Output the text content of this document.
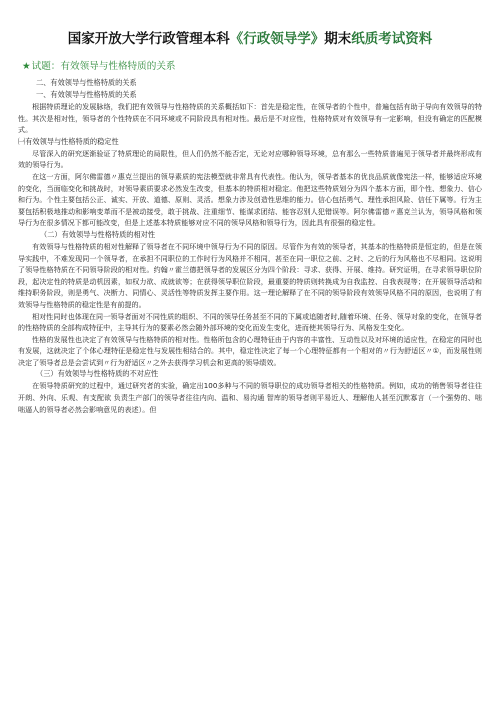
国家开放大学行政管理本科《行政领导学》期末纸质考试资料
★试题：有效领导与性格特质的关系
二、有效领导与性格特质的关系
一、有效领导与性格特质的关系

根据特质理论的发展脉络，我们把有效领导与性格特质的关系概括如下：首先是稳定性，在领导者的个性中，普遍包括有助于导向有效领导的特性。其次是相对性，领导者的个性特质在不同环境或不同阶段具有相对性。最后是不对应性，性格特质对有效领导有一定影响，但没有确定的匹配模式。

㈠有效领导与性格特质的稳定性

尽管深入的研究逐渐验证了特质理论的局限性，但人们仍然不能否定，无论对应哪种领导环境，总有那么一些特质普遍见于领导者并最终形成有效的领导行为。

在这一方面，阿尔佛雷德〃惠克兰提出的领导素质的宪法模型就非常具有代表性。他认为，领导者基本的优良品质就像宪法一样，能够适应环境的变化，当面临变化和挑战时，对领导素质要求必然发生改变，但基本的特质相对稳定。他把这些特质划分为四个基本方面，即个性、想象力、信心和行为。个性主要包括公正、诚实、开放、道德、原则、灵活。想象力涉及创造性思维的能力。信心包括勇气、理性承担风险、信任下属等。行为主要包括积极地推动和影响变革而不是被动接受，敢于挑战、注重细节、能谋求团结、能容忍别人犯错误等。阿尔佛雷德〃惠克兰认为，领导风格和领导行为在很多情况下都可能改变，但是上述基本特质能够对应不同的领导风格和领导行为，因此具有很强的稳定性。

（二）有效领导与性格特质的相对性

有效领导与性格特质的相对性解释了领导者在不同环境中领导行为不同的原因。尽管作为有效的领导者，其基本的性格特质是恒定的，但是在领导实践中，不难发现同一个领导者，在承担不同职位的工作时行为风格并不相同，甚至在同一职位之前、之时、之后的行为风格也不尽相同。这说明了领导性格特质在不同领导阶段的相对性。约翰〃霍兰德把领导者的发展区分为四个阶段：寻求、获得、开展、维持。研究证明，在寻求领导职位阶段，起决定性的特质是动机因素，如权力欲、成就欲等；在获得领导职位阶段，最重要的特质则转换成为自我监控、自我表现等；在开展领导活动和维持职务阶段，则是勇气、决断力、同情心、灵活性等特质发挥主要作用。这一理论解释了在不同的领导阶段有效领导风格不同的原因，也说明了有效领导与性格特质的稳定性是有前提的。

相对性同时也体现在同一领导者面对不同性质的组织、不同的领导任务甚至不同的下属或追随者时,随着环境、任务、领导对象的变化，在领导者的性格特质的全部构成特征中，主导其行为的要素必然会随外部环境的变化而发生变化，进而使其领导行为、风格发生变化。

性格的发展性也决定了有效领导与性格特质的相对性。性格所包含的心理特征由于内容的丰富性、互动性以及对环境的适应性，在稳定的同时也有发展，这就决定了个体心理特征是稳定性与发展性相结合的。其中，稳定性决定了每一个心理特征都有一个相对的〃行为舒适区〃①，而发展性则决定了领导者总是会尝试到〃行为舒适区〃之外去获得学习机会和更高的领导绩效。

（三）有效领导与性格特质的不对应性

在领导特质研究的过程中，通过研究者的实验，确定出100多种与不同的领导职位的成功领导者相关的性格特质。例如，成功的销售领导者往往开朗、外向、乐观、有支配欲 负责生产部门的领导者往往内向、温和、易沟通 智库的领导者则平易近人、理解他人甚至沉默寡言（一个强势的、咄咄逼人的领导者必然会影响意见的表述）。但
